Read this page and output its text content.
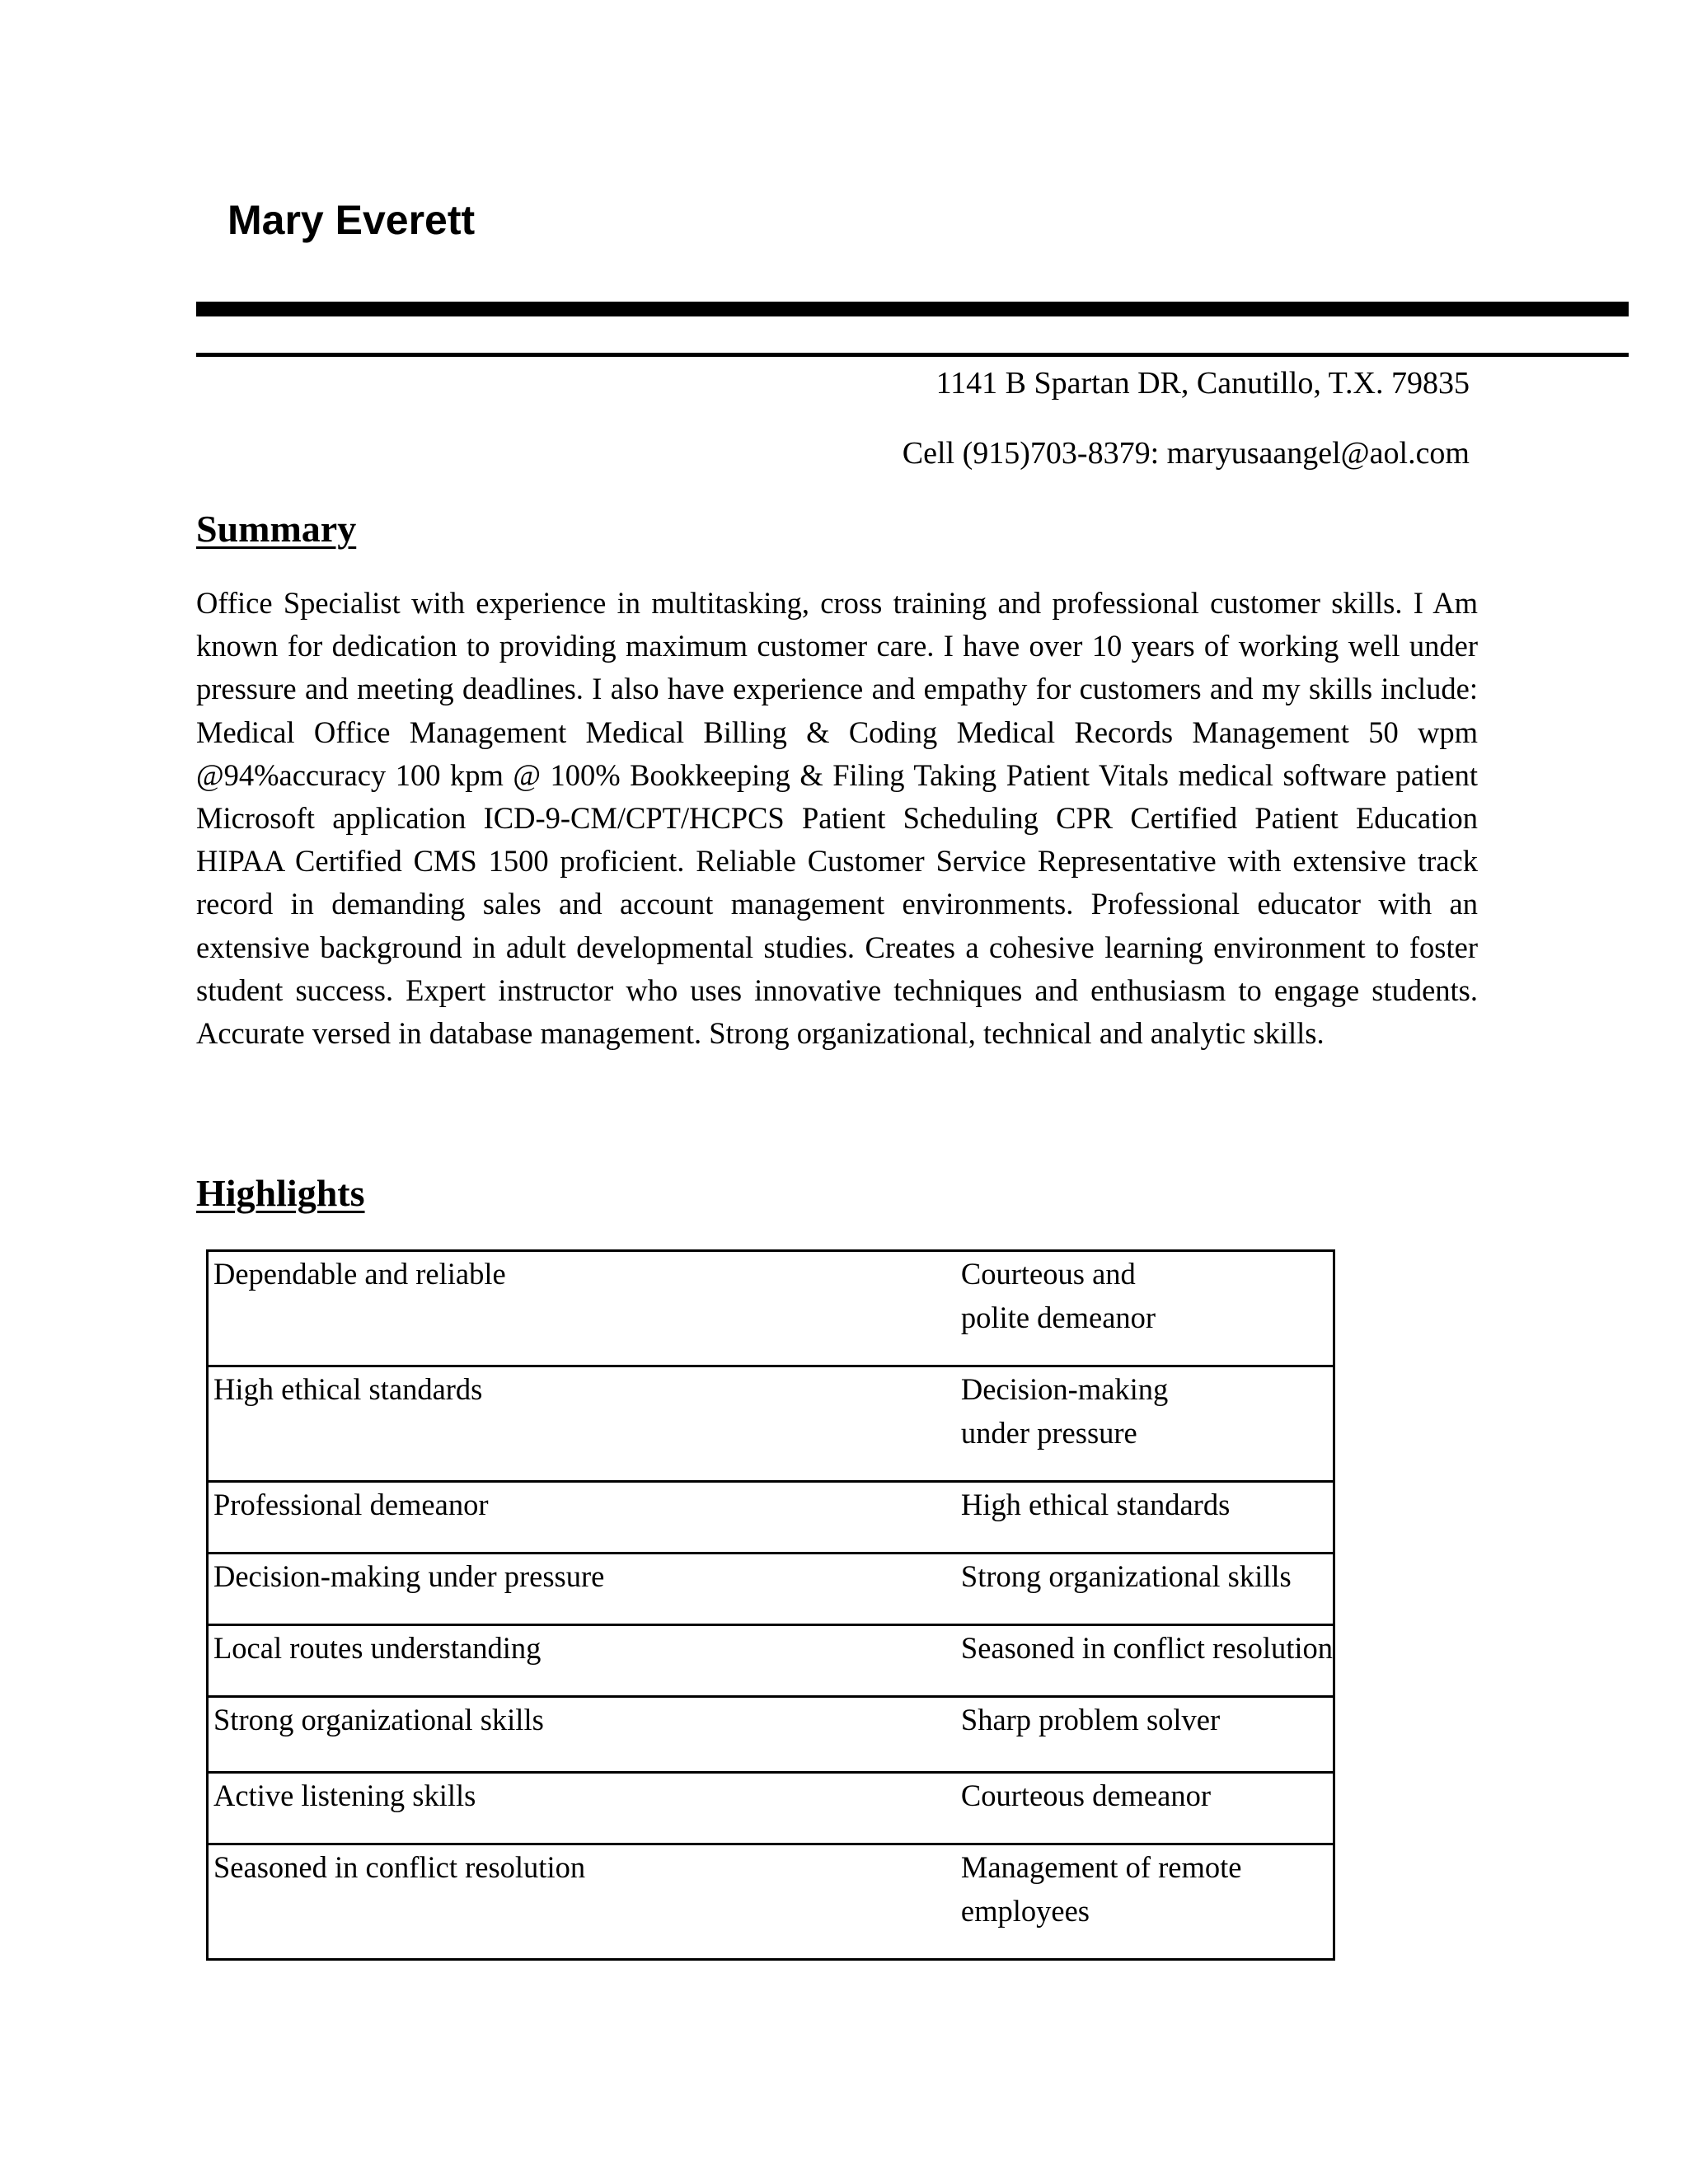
Mary Everett
1141 B Spartan DR, Canutillo, T.X. 79835
Cell (915)703-8379: maryusaangel@aol.com
Summary

Office Specialist with experience in multitasking, cross training and professional customer skills. I Am known for dedication to providing maximum customer care. I have over 10 years of working well under pressure and meeting deadlines. I also have experience and empathy for customers and my skills include: Medical Office Management Medical Billing & Coding Medical Records Management 50 wpm @94%accuracy 100 kpm @ 100% Bookkeeping & Filing Taking Patient Vitals medical software patient Microsoft application ICD-9-CM/CPT/HCPCS Patient Scheduling CPR Certified Patient Education HIPAA Certified CMS 1500 proficient. Reliable Customer Service Representative with extensive track record in demanding sales and account management environments. Professional educator with an extensive background in adult developmental studies. Creates a cohesive learning environment to foster student success. Expert instructor who uses innovative techniques and enthusiasm to engage students. Accurate versed in database management. Strong organizational, technical and analytic skills.

Highlights
Dependable and reliable	Courteous and polite demeanor
High ethical standards	Decision-making under pressure
Professional demeanor	High ethical standards
Decision-making under pressure	Strong organizational skills
Local routes understanding	Seasoned in conflict resolution
Strong organizational skills	Sharp problem solver
Active listening skills	Courteous demeanor
Seasoned in conflict resolution	Management of remote employees
